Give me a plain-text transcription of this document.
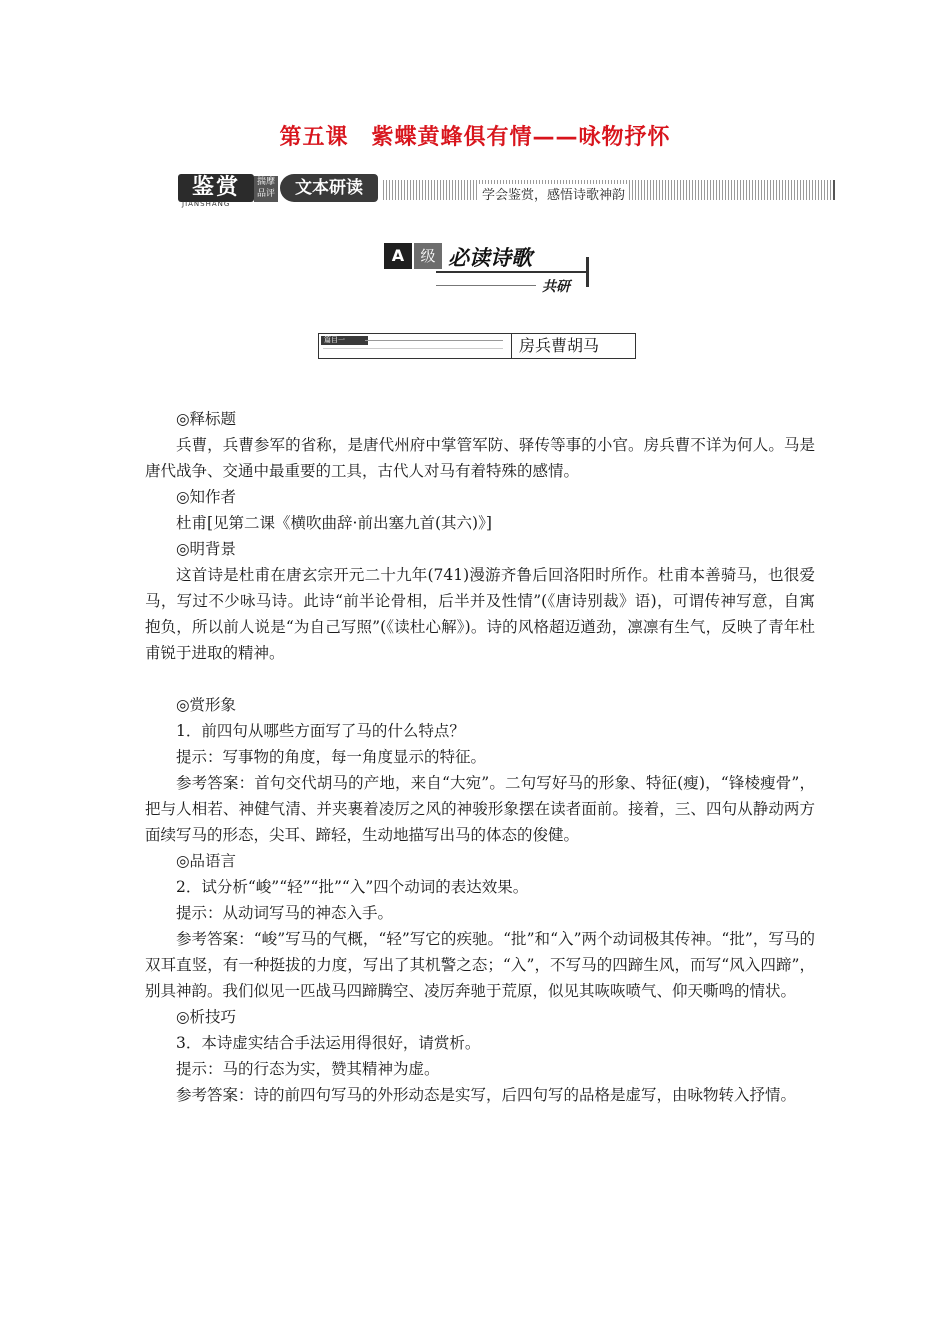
第五课　紫蝶黄蜂俱有情——咏物抒怀
鉴赏
JIANSHANG
揣摩品评	文本研读	学会鉴赏，感悟诗歌神韵
A	级 必读诗歌
共研
篇目一	房兵曹胡马

◎释标题

兵曹，兵曹参军的省称，是唐代州府中掌管军防、驿传等事的小官。房兵曹不详为何人。马是唐代战争、交通中最重要的工具，古代人对马有着特殊的感情。

◎知作者

杜甫[见第二课《横吹曲辞·前出塞九首(其六)》]

◎明背景

这首诗是杜甫在唐玄宗开元二十九年(741)漫游齐鲁后回洛阳时所作。杜甫本善骑马，也很爱马，写过不少咏马诗。此诗“前半论骨相，后半并及性情”(《唐诗别裁》语)，可谓传神写意，自寓抱负，所以前人说是“为自己写照”(《读杜心解》)。诗的风格超迈遒劲，凛凛有生气，反映了青年杜甫锐于进取的精神。

◎赏形象

1．前四句从哪些方面写了马的什么特点？

提示：写事物的角度，每一角度显示的特征。

参考答案：首句交代胡马的产地，来自“大宛”。二句写好马的形象、特征(瘦)，“锋棱瘦骨”，把与人相若、神健气清、并夹裹着凌厉之风的神骏形象摆在读者面前。接着，三、四句从静动两方面续写马的形态，尖耳、蹄轻，生动地描写出马的体态的俊健。

◎品语言

2．试分析“峻”“轻”“批”“入”四个动词的表达效果。

提示：从动词写马的神态入手。

参考答案：“峻”写马的气概，“轻”写它的疾驰。“批”和“入”两个动词极其传神。“批”，写马的双耳直竖，有一种挺拔的力度，写出了其机警之态；“入”，不写马的四蹄生风，而写“风入四蹄”，别具神韵。我们似见一匹战马四蹄腾空、凌厉奔驰于荒原，似见其咴咴喷气、仰天嘶鸣的情状。

◎析技巧

3．本诗虚实结合手法运用得很好，请赏析。

提示：马的行态为实，赞其精神为虚。

参考答案：诗的前四句写马的外形动态是实写，后四句写的品格是虚写，由咏物转入抒情。
